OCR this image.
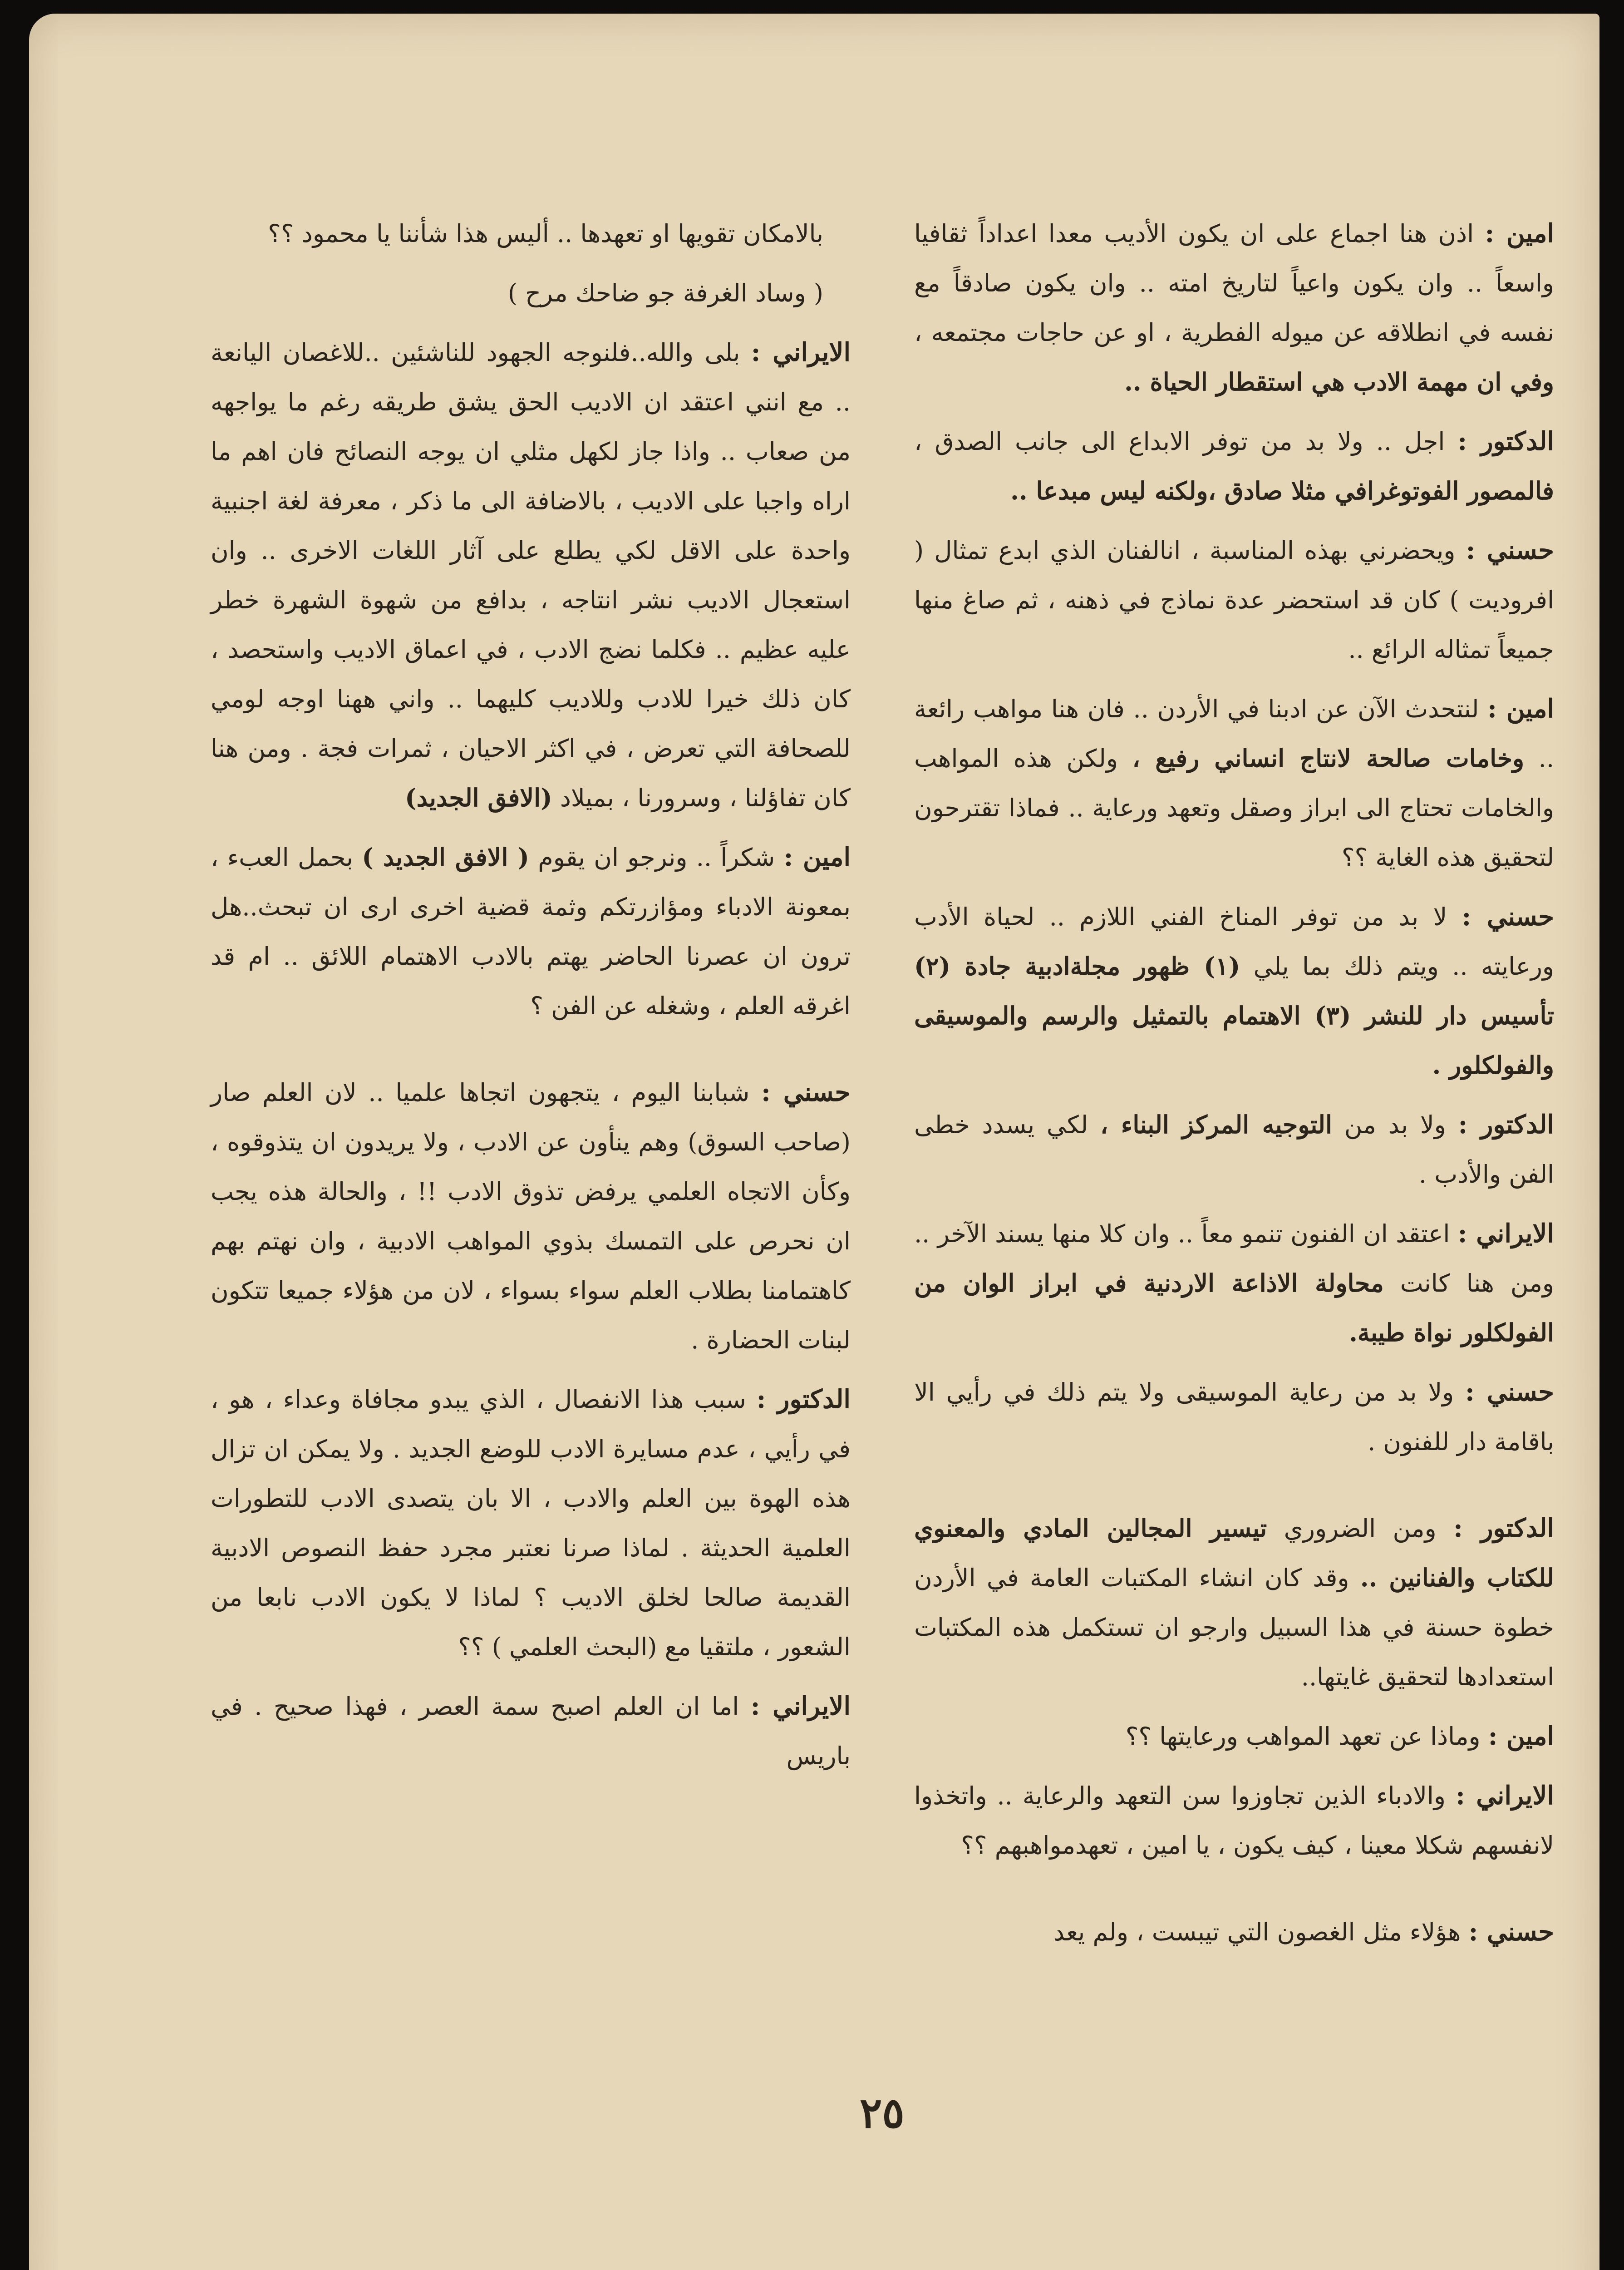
امين : اذن هنا اجماع على ان يكون الأديب معدا اعداداً ثقافيا واسعاً .. وان يكون واعياً لتاريخ امته .. وان يكون صادقاً مع نفسه في انطلاقه عن ميوله الفطرية ، او عن حاجات مجتمعه ، وفي ان مهمة الادب هي استقطار الحياة ..

الدكتور : اجل .. ولا بد من توفر الابداع الى جانب الصدق ، فالمصور الفوتوغرافي مثلا صادق ،ولكنه ليس مبدعا ..

حسني : ويحضرني بهذه المناسبة ، انالفنان الذي ابدع تمثال ( افروديت ) كان قد استحضر عدة نماذج في ذهنه ، ثم صاغ منها جميعاً تمثاله الرائع ..

امين : لنتحدث الآن عن ادبنا في الأردن .. فان هنا مواهب رائعة .. وخامات صالحة لانتاج انساني رفيع ، ولكن هذه المواهب والخامات تحتاج الى ابراز وصقل وتعهد ورعاية .. فماذا تقترحون لتحقيق هذه الغاية ؟؟

حسني : لا بد من توفر المناخ الفني اللازم .. لحياة الأدب ورعايته .. ويتم ذلك بما يلي (١) ظهور مجلةادبية جادة (٢) تأسيس دار للنشر (٣) الاهتمام بالتمثيل والرسم والموسيقى والفولكلور .

الدكتور : ولا بد من التوجيه المركز البناء ، لكي يسدد خطى الفن والأدب .

الايراني : اعتقد ان الفنون تنمو معاً .. وان كلا منها يسند الآخر .. ومن هنا كانت محاولة الاذاعة الاردنية في ابراز الوان من الفولكلور نواة طيبة.

حسني : ولا بد من رعاية الموسيقى ولا يتم ذلك في رأيي الا باقامة دار للفنون .

الدكتور : ومن الضروري تيسير المجالين المادي والمعنوي للكتاب والفنانين .. وقد كان انشاء المكتبات العامة في الأردن خطوة حسنة في هذا السبيل وارجو ان تستكمل هذه المكتبات استعدادها لتحقيق غايتها..

امين : وماذا عن تعهد المواهب ورعايتها ؟؟

الايراني : والادباء الذين تجاوزوا سن التعهد والرعاية .. واتخذوا لانفسهم شكلا معينا ، كيف يكون ، يا امين ، تعهدمواهبهم ؟؟

حسني : هؤلاء مثل الغصون التي تيبست ، ولم يعد

بالامكان تقويها او تعهدها .. أليس هذا شأننا يا محمود ؟؟

( وساد الغرفة جو ضاحك مرح )

الايراني : بلى والله..فلنوجه الجهود للناشئين ..للاغصان اليانعة .. مع انني اعتقد ان الاديب الحق يشق طريقه رغم ما يواجهه من صعاب .. واذا جاز لكهل مثلي ان يوجه النصائح فان اهم ما اراه واجبا على الاديب ، بالاضافة الى ما ذكر ، معرفة لغة اجنبية واحدة على الاقل لكي يطلع على آثار اللغات الاخرى .. وان استعجال الاديب نشر انتاجه ، بدافع من شهوة الشهرة خطر عليه عظيم .. فكلما نضج الادب ، في اعماق الاديب واستحصد ، كان ذلك خيرا للادب وللاديب كليهما .. واني ههنا اوجه لومي للصحافة التي تعرض ، في اكثر الاحيان ، ثمرات فجة . ومن هنا كان تفاؤلنا ، وسرورنا ، بميلاد (الافق الجديد)

امين : شكراً .. ونرجو ان يقوم ( الافق الجديد ) بحمل العبء ، بمعونة الادباء ومؤازرتكم وثمة قضية اخرى ارى ان تبحث..هل ترون ان عصرنا الحاضر يهتم بالادب الاهتمام اللائق .. ام قد اغرقه العلم ، وشغله عن الفن ؟

حسني : شبابنا اليوم ، يتجهون اتجاها علميا .. لان العلم صار (صاحب السوق) وهم ينأون عن الادب ، ولا يريدون ان يتذوقوه ، وكأن الاتجاه العلمي يرفض تذوق الادب !! ، والحالة هذه يجب ان نحرص على التمسك بذوي المواهب الادبية ، وان نهتم بهم كاهتمامنا بطلاب العلم سواء بسواء ، لان من هؤلاء جميعا تتكون لبنات الحضارة .

الدكتور : سبب هذا الانفصال ، الذي يبدو مجافاة وعداء ، هو ، في رأيي ، عدم مسايرة الادب للوضع الجديد . ولا يمكن ان تزال هذه الهوة بين العلم والادب ، الا بان يتصدى الادب للتطورات العلمية الحديثة . لماذا صرنا نعتبر مجرد حفظ النصوص الادبية القديمة صالحا لخلق الاديب ؟ لماذا لا يكون الادب نابعا من الشعور ، ملتقيا مع (البحث العلمي ) ؟؟

الايراني : اما ان العلم اصبح سمة العصر ، فهذا صحيح . في باريس

٢٥
